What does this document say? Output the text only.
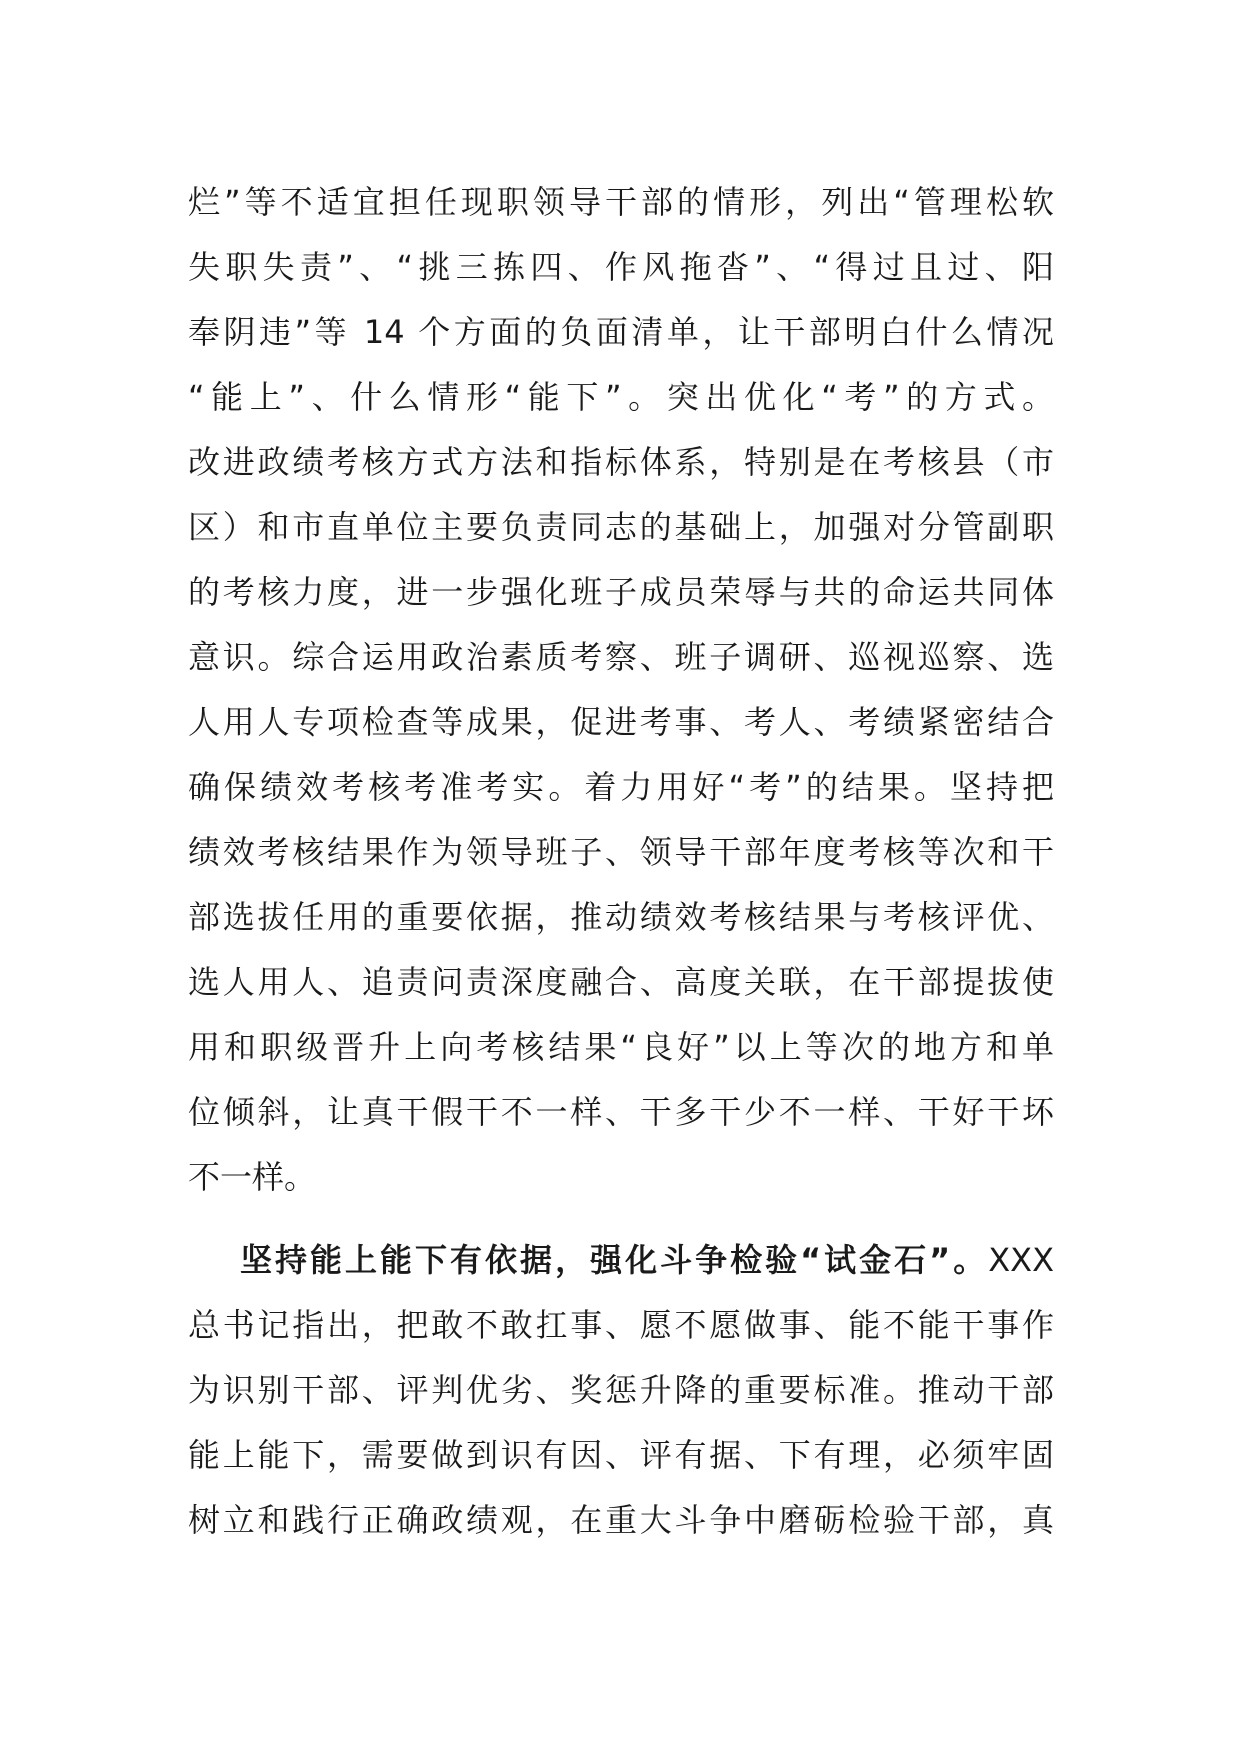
烂”等不适宜担任现职领导干部的情形，列出“管理松软
失职失责”、“挑三拣四、作风拖沓”、“得过且过、阳
奉阴违”等 14 个方面的负面清单，让干部明白什么情况
“能上”、什么情形“能下”。突出优化“考”的方式。
改进政绩考核方式方法和指标体系，特别是在考核县（市
区）和市直单位主要负责同志的基础上，加强对分管副职
的考核力度，进一步强化班子成员荣辱与共的命运共同体
意识。综合运用政治素质考察、班子调研、巡视巡察、选
人用人专项检查等成果，促进考事、考人、考绩紧密结合
确保绩效考核考准考实。着力用好“考”的结果。坚持把
绩效考核结果作为领导班子、领导干部年度考核等次和干
部选拔任用的重要依据，推动绩效考核结果与考核评优、
选人用人、追责问责深度融合、高度关联，在干部提拔使
用和职级晋升上向考核结果“良好”以上等次的地方和单
位倾斜，让真干假干不一样、干多干少不一样、干好干坏
不一样。
坚持能上能下有依据，强化斗争检验“试金石”。XXX
总书记指出，把敢不敢扛事、愿不愿做事、能不能干事作
为识别干部、评判优劣、奖惩升降的重要标准。推动干部
能上能下，需要做到识有因、评有据、下有理，必须牢固
树立和践行正确政绩观，在重大斗争中磨砺检验干部，真
